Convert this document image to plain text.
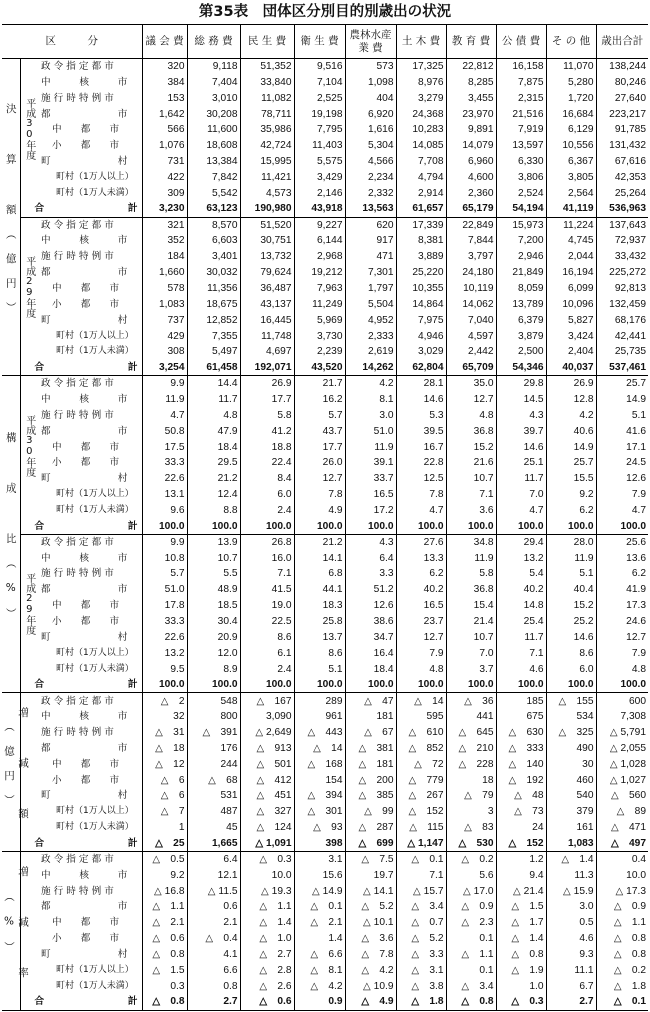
第35表　団体区分別目的別歳出の状況
区　　　分			議 会 費	総 務 費	民 生 費	衛 生 費	農林水産業 費	土 木 費	教 育 費	公 債 費	そ の 他	歳出合計
決 算 額（億円）	平成30年度	政 令 指 定 都 市	320	9,118	51,352	9,516	573	17,325	22,812	16,158	11,070	138,244
		中　　　核　　　市	384	7,404	33,840	7,104	1,098	8,976	8,285	7,875	5,280	80,246
		施 行 時 特 例 市	153	3,010	11,082	2,525	404	3,279	3,455	2,315	1,720	27,640
		都　　　　　　　市	1,642	30,208	78,711	19,198	6,920	24,368	23,970	21,516	16,684	223,217
		中　　都　　市	566	11,600	35,986	7,795	1,616	10,283	9,891	7,919	6,129	91,785
		小　　都　　市	1,076	18,608	42,724	11,403	5,304	14,085	14,079	13,597	10,556	131,432
		町　　　　　　　村	731	13,384	15,995	5,575	4,566	7,708	6,960	6,330	6,367	67,616
		町村（1万人以上）	422	7,842	11,421	3,429	2,234	4,794	4,600	3,806	3,805	42,353
		町村（1万人未満）	309	5,542	4,573	2,146	2,332	2,914	2,360	2,524	2,564	25,264
	合　　　　　　計		3,230	63,123	190,980	43,918	13,563	61,657	65,179	54,194	41,119	536,963
	平成29年度	政 令 指 定 都 市	321	8,570	51,520	9,227	620	17,339	22,849	15,973	11,224	137,643
		中　　　核　　　市	352	6,603	30,751	6,144	917	8,381	7,844	7,200	4,745	72,937
		施 行 時 特 例 市	184	3,401	13,732	2,968	471	3,889	3,797	2,946	2,044	33,432
		都　　　　　　　市	1,660	30,032	79,624	19,212	7,301	25,220	24,180	21,849	16,194	225,272
		中　　都　　市	578	11,356	36,487	7,963	1,797	10,355	10,119	8,059	6,099	92,813
		小　　都　　市	1,083	18,675	43,137	11,249	5,504	14,864	14,062	13,789	10,096	132,459
		町　　　　　　　村	737	12,852	16,445	5,969	4,952	7,975	7,040	6,379	5,827	68,176
		町村（1万人以上）	429	7,355	11,748	3,730	2,333	4,946	4,597	3,879	3,424	42,441
		町村（1万人未満）	308	5,497	4,697	2,239	2,619	3,029	2,442	2,500	2,404	25,735
	合　　　　　　計		3,254	61,458	192,071	43,520	14,262	62,804	65,709	54,346	40,037	537,461
構 成 比（%）	平成30年度	政 令 指 定 都 市	9.9	14.4	26.9	21.7	4.2	28.1	35.0	29.8	26.9	25.7
		中　　　核　　　市	11.9	11.7	17.7	16.2	8.1	14.6	12.7	14.5	12.8	14.9
		施 行 時 特 例 市	4.7	4.8	5.8	5.7	3.0	5.3	4.8	4.3	4.2	5.1
		都　　　　　　　市	50.8	47.9	41.2	43.7	51.0	39.5	36.8	39.7	40.6	41.6
		中　　都　　市	17.5	18.4	18.8	17.7	11.9	16.7	15.2	14.6	14.9	17.1
		小　　都　　市	33.3	29.5	22.4	26.0	39.1	22.8	21.6	25.1	25.7	24.5
		町　　　　　　　村	22.6	21.2	8.4	12.7	33.7	12.5	10.7	11.7	15.5	12.6
		町村（1万人以上）	13.1	12.4	6.0	7.8	16.5	7.8	7.1	7.0	9.2	7.9
		町村（1万人未満）	9.6	8.8	2.4	4.9	17.2	4.7	3.6	4.7	6.2	4.7
	合　　　　　　計		100.0	100.0	100.0	100.0	100.0	100.0	100.0	100.0	100.0	100.0
	平成29年度	政 令 指 定 都 市	9.9	13.9	26.8	21.2	4.3	27.6	34.8	29.4	28.0	25.6
		中　　　核　　　市	10.8	10.7	16.0	14.1	6.4	13.3	11.9	13.2	11.9	13.6
		施 行 時 特 例 市	5.7	5.5	7.1	6.8	3.3	6.2	5.8	5.4	5.1	6.2
		都　　　　　　　市	51.0	48.9	41.5	44.1	51.2	40.2	36.8	40.2	40.4	41.9
		中　　都　　市	17.8	18.5	19.0	18.3	12.6	16.5	15.4	14.8	15.2	17.3
		小　　都　　市	33.3	30.4	22.5	25.8	38.6	23.7	21.4	25.4	25.2	24.6
		町　　　　　　　村	22.6	20.9	8.6	13.7	34.7	12.7	10.7	11.7	14.6	12.7
		町村（1万人以上）	13.2	12.0	6.1	8.6	16.4	7.9	7.0	7.1	8.6	7.9
		町村（1万人未満）	9.5	8.9	2.4	5.1	18.4	4.8	3.7	4.6	6.0	4.8
	合　　　　　　計		100.0	100.0	100.0	100.0	100.0	100.0	100.0	100.0	100.0	100.0
増 減 額（億円）		政 令 指 定 都 市	△　2	548	△　167	289	△　47	△　14	△　36	185	△　155	600
		中　　　核　　　市	32	800	3,090	961	181	595	441	675	534	7,308
		施 行 時 特 例 市	△　31	△　391	△ 2,649	△　443	△　67	△　610	△　645	△　630	△　325	△ 5,791
		都　　　　　　　市	△　18	176	△　913	△　14	△　381	△　852	△　210	△　333	490	△ 2,055
		中　　都　　市	△　12	244	△　501	△　168	△　181	△　72	△　228	△　140	30	△ 1,028
		小　　都　　市	△　6	△　68	△　412	154	△　200	△　779	18	△　192	460	△ 1,027
		町　　　　　　　村	△　6	531	△　451	△　394	△　385	△　267	△　79	△　48	540	△　560
		町村（1万人以上）	△　7	487	△　327	△　301	△　99	△　152	3	△　73	379	△　89
		町村（1万人未満）	1	45	△　124	△　93	△　287	△　115	△　83	24	161	△　471
	合　　　　　　計		△　25	1,665	△ 1,091	398	△　699	△ 1,147	△　530	△　152	1,083	△　497
増 減 率（%）		政 令 指 定 都 市	△　0.5	6.4	△　0.3	3.1	△　7.5	△　0.1	△　0.2	1.2	△　1.4	0.4
		中　　　核　　　市	9.2	12.1	10.0	15.6	19.7	7.1	5.6	9.4	11.3	10.0
		施 行 時 特 例 市	△ 16.8	△ 11.5	△ 19.3	△ 14.9	△ 14.1	△ 15.7	△ 17.0	△ 21.4	△ 15.9	△ 17.3
		都　　　　　　　市	△　1.1	0.6	△　1.1	△　0.1	△　5.2	△　3.4	△　0.9	△　1.5	3.0	△　0.9
		中　　都　　市	△　2.1	2.1	△　1.4	△　2.1	△ 10.1	△　0.7	△　2.3	△　1.7	0.5	△　1.1
		小　　都　　市	△　0.6	△　0.4	△　1.0	1.4	△　3.6	△　5.2	0.1	△　1.4	4.6	△　0.8
		町　　　　　　　村	△　0.8	4.1	△　2.7	△　6.6	△　7.8	△　3.3	△　1.1	△　0.8	9.3	△　0.8
		町村（1万人以上）	△　1.5	6.6	△　2.8	△　8.1	△　4.2	△　3.1	0.1	△　1.9	11.1	△　0.2
		町村（1万人未満）	0.3	0.8	△　2.6	△　4.2	△ 10.9	△　3.8	△　3.4	1.0	6.7	△　1.8
	合　　　　　　計		△　0.8	2.7	△　0.6	0.9	△　4.9	△　1.8	△　0.8	△　0.3	2.7	△　0.1
